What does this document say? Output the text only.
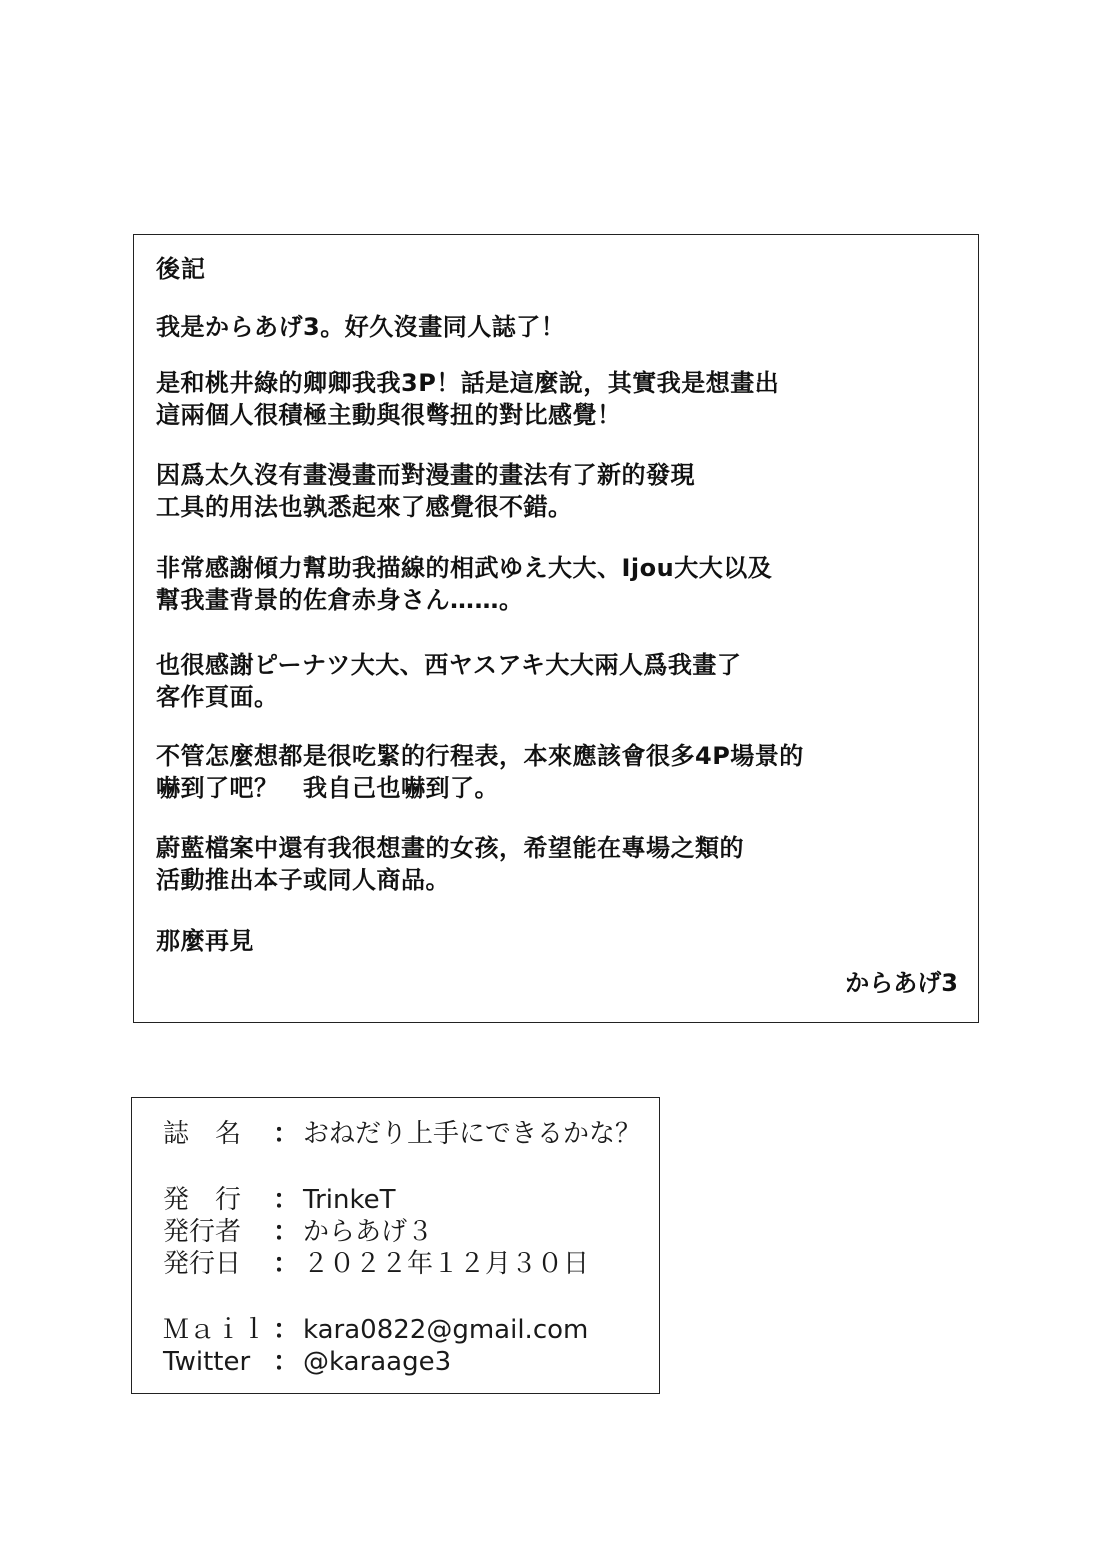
後記
我是からあげ3。好久沒畫同人誌了！
是和桃井綠的卿卿我我3P！話是這麼說，其實我是想畫出
這兩個人很積極主動與很彆扭的對比感覺！
因爲太久沒有畫漫畫而對漫畫的畫法有了新的發現
工具的用法也孰悉起來了感覺很不錯。
非常感謝傾力幫助我描線的相武ゆえ大大、Ijou大大以及
幫我畫背景的佐倉赤身さん……。
也很感謝ピーナツ大大、西ヤスアキ大大兩人爲我畫了
客作頁面。
不管怎麼想都是很吃緊的行程表，本來應該會很多4P場景的
嚇到了吧？　我自己也嚇到了。
蔚藍檔案中還有我很想畫的女孩，希望能在專場之類的
活動推出本子或同人商品。
那麼再見
からあげ3
誌　名 ： おねだり上手にできるかな？
発　行 ： TrinkeT
発行者 ： からあげ３
発行日 ： ２０２２年１２月３０日
Ｍａｉｌ ： kara0822@gmail.com
Twitter ： @karaage3
